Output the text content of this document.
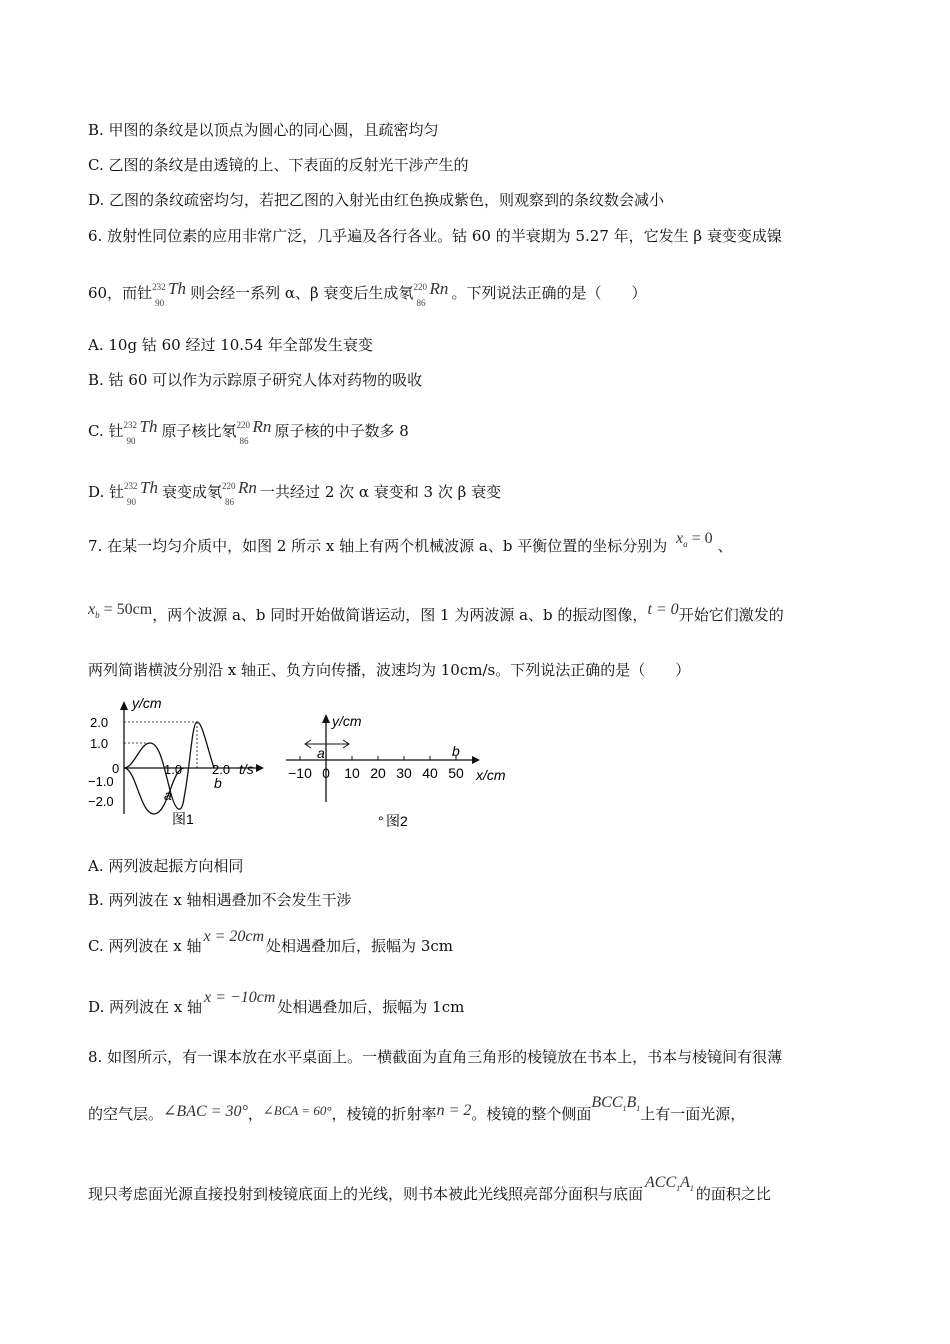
B. 甲图的条纹是以顶点为圆心的同心圆，且疏密均匀
C. 乙图的条纹是由透镜的上、下表面的反射光干涉产生的
D. 乙图的条纹疏密均匀，若把乙图的入射光由红色换成紫色，则观察到的条纹数会减小
6. 放射性同位素的应用非常广泛，几乎遍及各行各业。钴 60 的半衰期为 5.27 年，它发生 β 衰变变成镍
60，而钍 232
90
Th 则会经一系列 α、β 衰变后生成氡 220
86
Rn 。下列说法正确的是（　　）
A. 10g 钴 60 经过 10.54 年全部发生衰变
B. 钴 60 可以作为示踪原子研究人体对药物的吸收
C. 钍 232
90
Th 原子核比氡 220
86
Rn 原子核的中子数多 8
D. 钍 232
90
Th 衰变成氡 220
86
Rn 一共经过 2 次 α 衰变和 3 次 β 衰变
7. 在某一均匀介质中，如图 2 所示 x 轴上有两个机械波源 a、b 平衡位置的坐标分别为 $x_a = 0$ 、
$x_b = 50cm$，两个波源 a、b 同时开始做简谐运动，图 1 为两波源 a、b 的振动图像，t = 0开始它们激发的
两列简谐横波分别沿 x 轴正、负方向传播，波速均为 10cm/s。下列说法正确的是（　　）
y/cm
2.0
1.0
0
−1.0
−2.0
1.0 2.0 t/s
a
b
图1
y/cm
a	b
−10 0 10 20 30 40 50 x/cm
° 图2
A. 两列波起振方向相同
B. 两列波在 x 轴相遇叠加不会发生干涉
C. 两列波在 x 轴x = 20cm处相遇叠加后，振幅为 3cm
D. 两列波在 x 轴x = −10cm处相遇叠加后，振幅为 1cm
8. 如图所示，有一课本放在水平桌面上。一横截面为直角三角形的棱镜放在书本上，书本与棱镜间有很薄
的空气层。∠BAC = 30°，∠BCA = 60°，棱镜的折射率n = 2。棱镜的整个侧面$BCC_1B_1$上有一面光源，
现只考虑面光源直接投射到棱镜底面上的光线，则书本被此光线照亮部分面积与底面$ACC_1A_1$ 的面积之比
